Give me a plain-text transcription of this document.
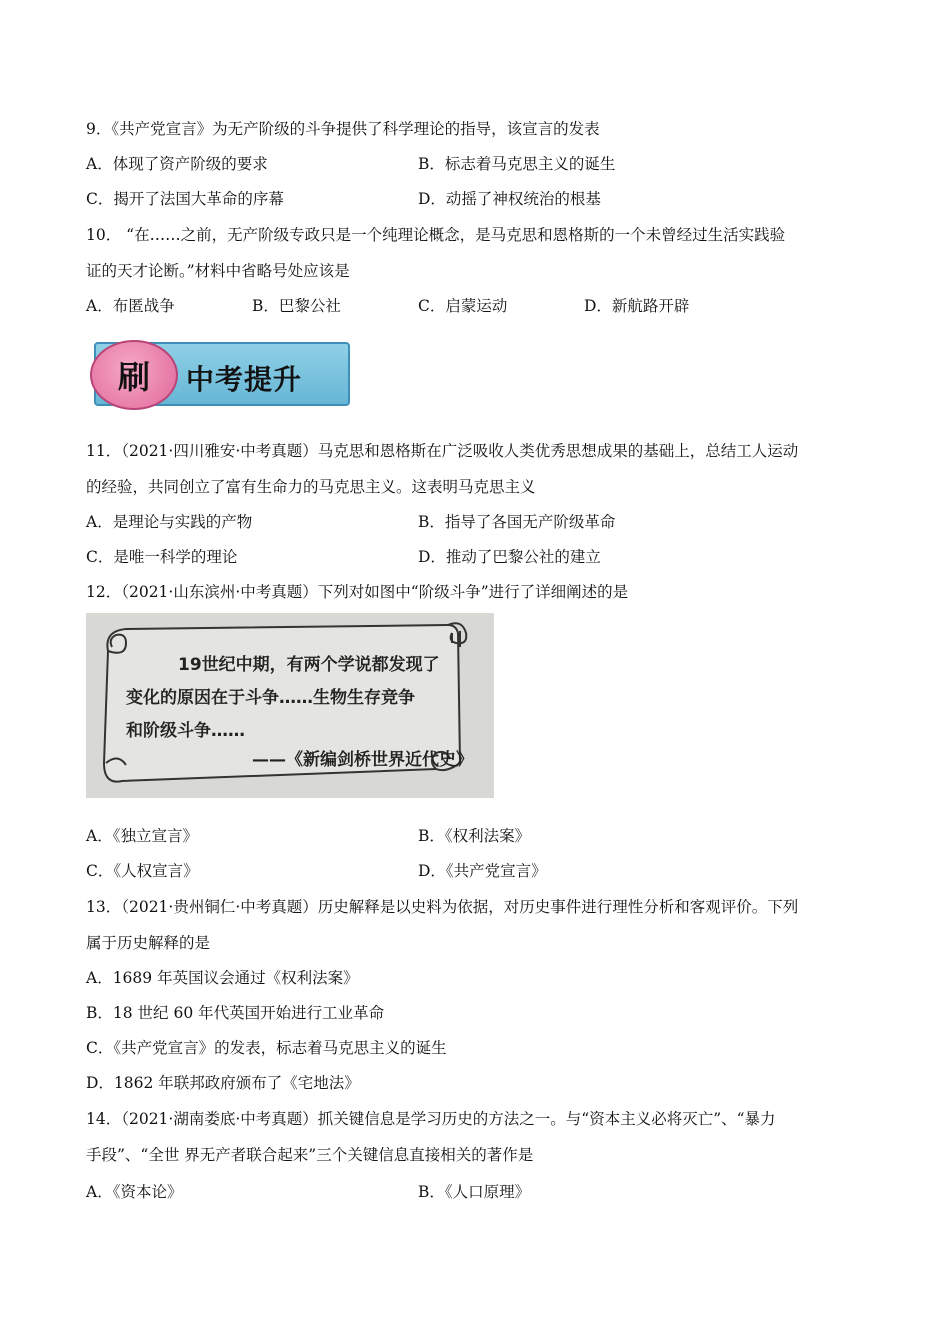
9．《共产党宣言》为无产阶级的斗争提供了科学理论的指导，该宣言的发表
A．体现了资产阶级的要求	B．标志着马克思主义的诞生
C．揭开了法国大革命的序幕	D．动摇了神权统治的根基
10． “在……之前，无产阶级专政只是一个纯理论概念，是马克思和恩格斯的一个未曾经过生活实践验
证的天才论断。”材料中省略号处应该是
A．布匿战争	B．巴黎公社	C．启蒙运动	D．新航路开辟
刷 中考提升
11．（2021·四川雅安·中考真题）马克思和恩格斯在广泛吸收人类优秀思想成果的基础上，总结工人运动
的经验，共同创立了富有生命力的马克思主义。这表明马克思主义
A．是理论与实践的产物	B．指导了各国无产阶级革命
C．是唯一科学的理论	D．推动了巴黎公社的建立
12．（2021·山东滨州·中考真题）下列对如图中“阶级斗争”进行了详细阐述的是
19世纪中期，有两个学说都发现了
变化的原因在于斗争……生物生存竞争
和阶级斗争……
——《新编剑桥世界近代史》
A．《独立宣言》	B．《权利法案》
C．《人权宣言》	D．《共产党宣言》
13．（2021·贵州铜仁·中考真题）历史解释是以史料为依据，对历史事件进行理性分析和客观评价。下列
属于历史解释的是
A．1689 年英国议会通过《权利法案》
B．18 世纪 60 年代英国开始进行工业革命
C．《共产党宣言》的发表，标志着马克思主义的诞生
D．1862 年联邦政府颁布了《宅地法》
14．（2021·湖南娄底·中考真题）抓关键信息是学习历史的方法之一。与“资本主义必将灭亡”、“暴力
手段”、“全世 界无产者联合起来”三个关键信息直接相关的著作是
A．《资本论》	B．《人口原理》
